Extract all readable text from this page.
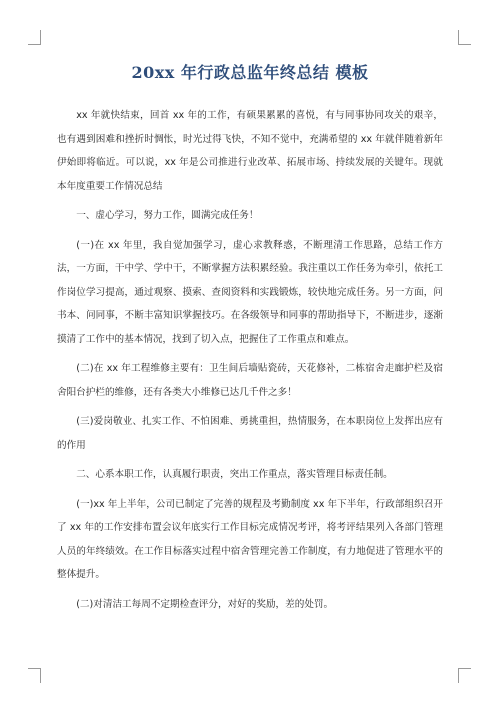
20xx 年行政总监年终总结 模板

xx 年就快结束，回首 xx 年的工作，有硕果累累的喜悦，有与同事协同攻关的艰辛，也有遇到困难和挫折时惆怅，时光过得飞快，不知不觉中，充满希望的 xx 年就伴随着新年伊始即将临近。可以说，xx 年是公司推进行业改革、拓展市场、持续发展的关键年。现就本年度重要工作情况总结

一、虚心学习，努力工作，圆满完成任务！

(一)在 xx 年里，我自觉加强学习，虚心求教释惑，不断理清工作思路，总结工作方法，一方面，干中学、学中干，不断掌握方法积累经验。我注重以工作任务为牵引，依托工作岗位学习提高，通过观察、摸索、查阅资料和实践锻炼，较快地完成任务。另一方面，问书本、问同事，不断丰富知识掌握技巧。在各级领导和同事的帮助指导下，不断进步，逐渐摸清了工作中的基本情况，找到了切入点，把握住了工作重点和难点。

(二)在 xx 年工程维修主要有：卫生间后墙贴瓷砖，天花修补，二栋宿舍走廊护栏及宿舍阳台护栏的维修，还有各类大小维修已达几千件之多！

(三)爱岗敬业、扎实工作、不怕困难、勇挑重担，热情服务，在本职岗位上发挥出应有的作用

二、心系本职工作，认真履行职责，突出工作重点，落实管理目标责任制。

(一)xx 年上半年，公司已制定了完善的规程及考勤制度 xx 年下半年，行政部组织召开了 xx 年的工作安排布置会议年底实行工作目标完成情况考评，将考评结果列入各部门管理人员的年终绩效。在工作目标落实过程中宿舍管理完善工作制度，有力地促进了管理水平的整体提升。

(二)对清洁工每周不定期检查评分，对好的奖励，差的处罚。
